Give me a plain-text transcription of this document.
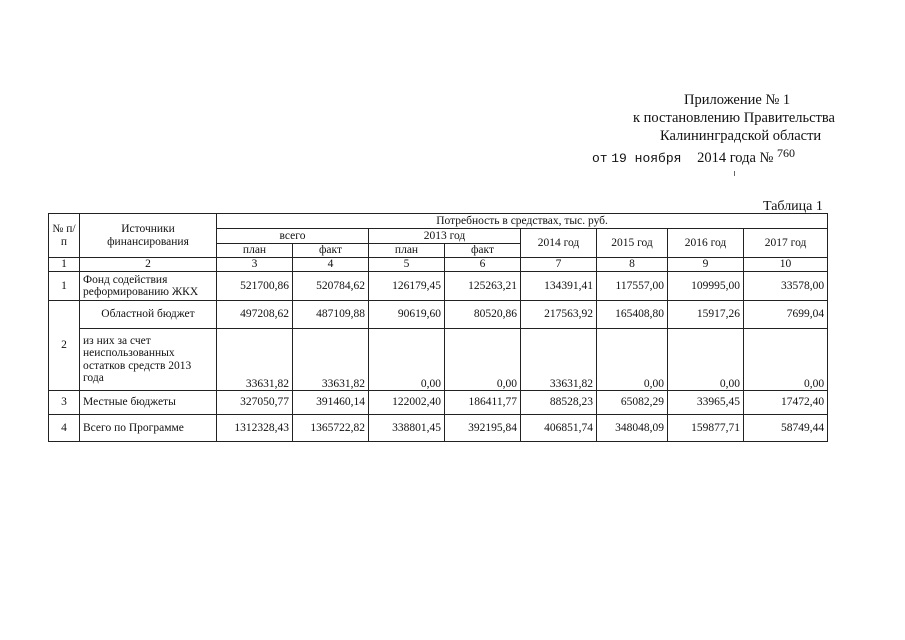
Приложение № 1
к постановлению Правительства
Калининградской области
от 19 ноября 2014 года № $^{760}$
Таблица 1
№ п/п	Источники финансирования	Потребность в средствах, тыс. руб.							
		всего		2013 год		2014 год	2015 год	2016 год	2017 год
		план	факт	план	факт				
1	2	3	4	5	6	7	8	9	10
1	Фонд содействия реформированию ЖКХ	521700,86	520784,62	126179,45	125263,21	134391,41	117557,00	109995,00	33578,00
2	Областной бюджет	497208,62	487109,88	90619,60	80520,86	217563,92	165408,80	15917,26	7699,04
	из них за счет неиспользованных остатков средств 2013 года	33631,82	33631,82	0,00	0,00	33631,82	0,00	0,00	0,00
3	Местные бюджеты	327050,77	391460,14	122002,40	186411,77	88528,23	65082,29	33965,45	17472,40
4	Всего по Программе	1312328,43	1365722,82	338801,45	392195,84	406851,74	348048,09	159877,71	58749,44
